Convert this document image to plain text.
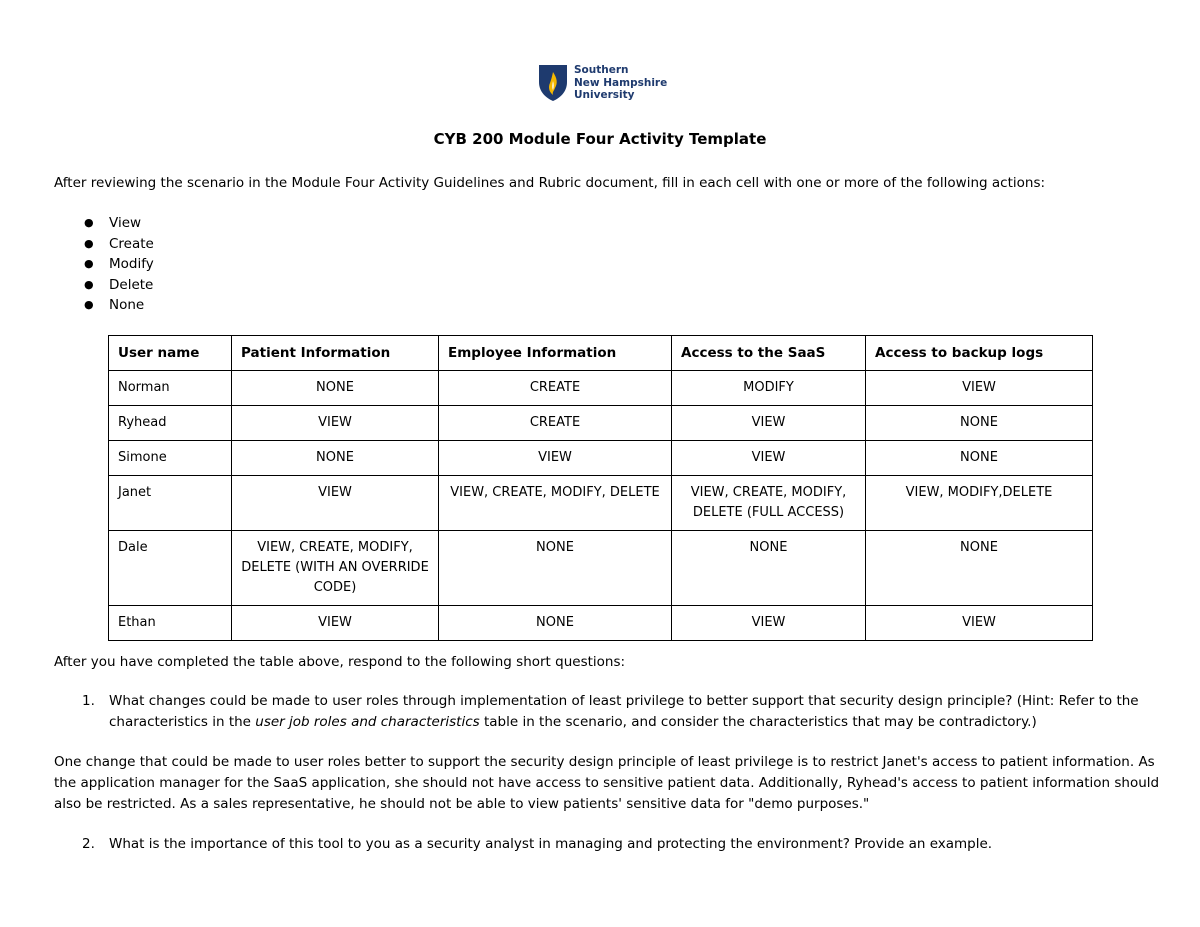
Southern
New Hampshire
University
CYB 200 Module Four Activity Template
After reviewing the scenario in the Module Four Activity Guidelines and Rubric document, fill in each cell with one or more of the following actions:
● View
● Create
● Modify
● Delete
● None
User name	Patient Information	Employee Information	Access to the SaaS	Access to backup logs
Norman	NONE	CREATE	MODIFY	VIEW
Ryhead	VIEW	CREATE	VIEW	NONE
Simone	NONE	VIEW	VIEW	NONE
Janet	VIEW	VIEW, CREATE, MODIFY, DELETE	VIEW, CREATE, MODIFY, DELETE (FULL ACCESS)	VIEW, MODIFY,DELETE
Dale	VIEW, CREATE, MODIFY, DELETE (WITH AN OVERRIDE CODE)	NONE	NONE	NONE
Ethan	VIEW	NONE	VIEW	VIEW
After you have completed the table above, respond to the following short questions:
1. What changes could be made to user roles through implementation of least privilege to better support that security design principle? (Hint: Refer to the characteristics in the user job roles and characteristics table in the scenario, and consider the characteristics that may be contradictory.)
One change that could be made to user roles better to support the security design principle of least privilege is to restrict Janet's access to patient information. As the application manager for the SaaS application, she should not have access to sensitive patient data. Additionally, Ryhead's access to patient information should also be restricted. As a sales representative, he should not be able to view patients' sensitive data for "demo purposes."
2. What is the importance of this tool to you as a security analyst in managing and protecting the environment? Provide an example.
